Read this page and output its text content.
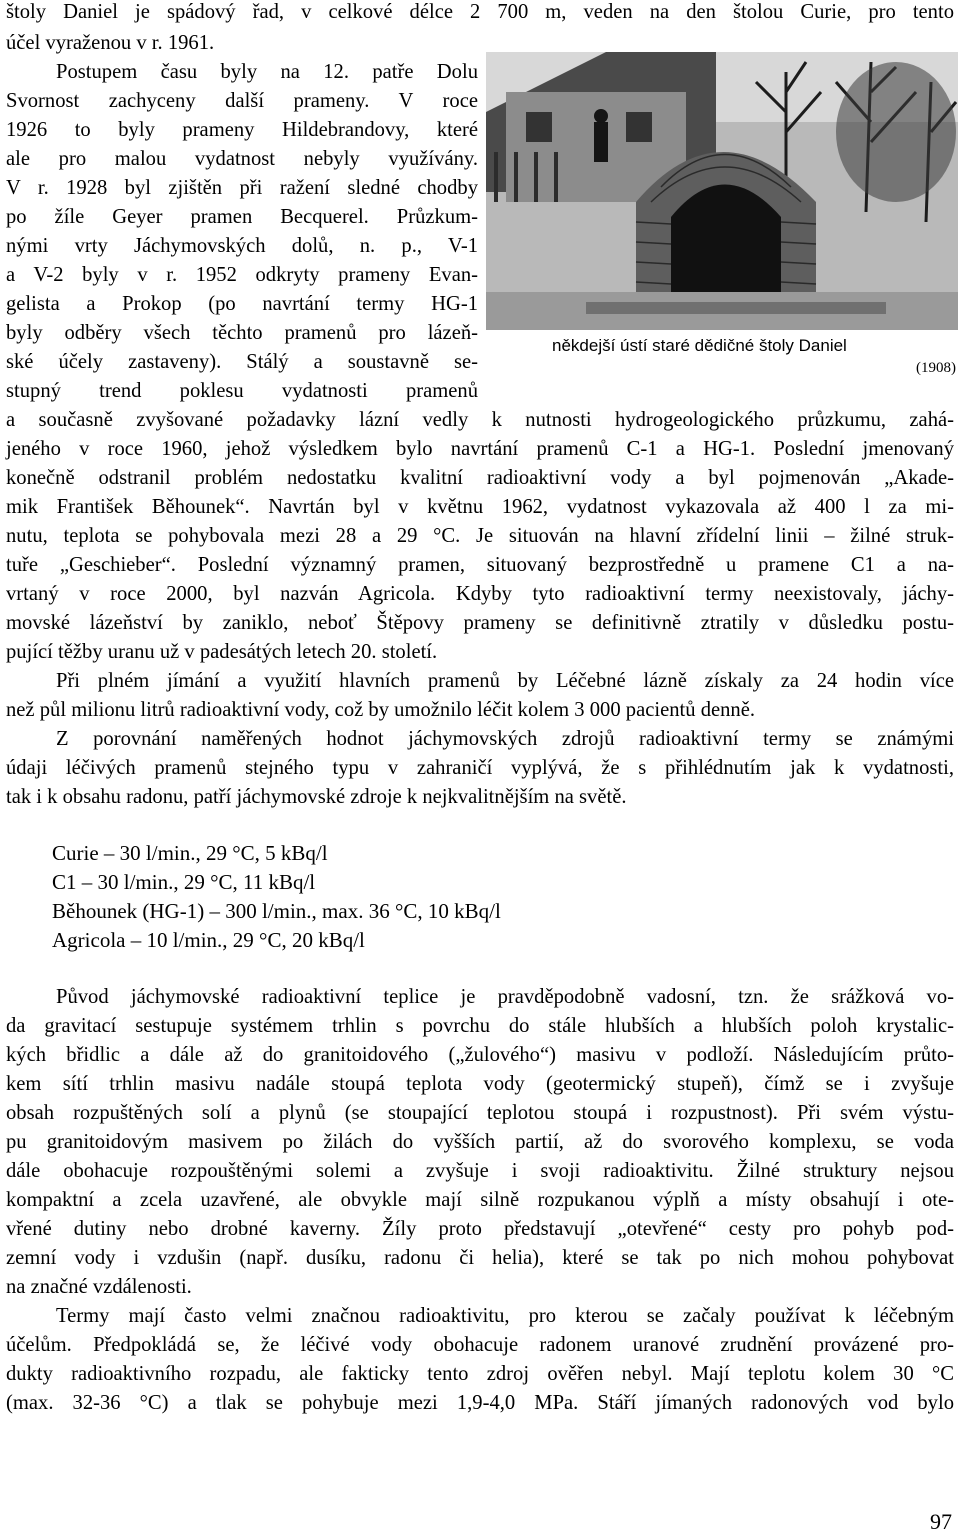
štoly Daniel je spádový řad, v celkové délce 2 700 m, veden na den štolou Curie, pro tento
účel vyraženou v r. 1961.
Postupem času byly na 12. patře Dolu
Svornost zachyceny další prameny. V roce
1926 to byly prameny Hildebrandovy, které
ale pro malou vydatnost nebyly využívány.
V r. 1928 byl zjištěn při ražení sledné chodby
po žíle Geyer pramen Becquerel. Průzkum-
nými vrty Jáchymovských dolů, n. p., V-1
a V-2 byly v r. 1952 odkryty prameny Evan-
gelista a Prokop (po navrtání termy HG-1
byly odběry všech těchto pramenů pro lázeň-
ské účely zastaveny). Stálý a soustavně se-
stupný trend poklesu vydatnosti pramenů
někdejší ústí staré dědičné štoly Daniel
(1908)
a současně zvyšované požadavky lázní vedly k nutnosti hydrogeologického průzkumu, zahá-
jeného v roce 1960, jehož výsledkem bylo navrtání pramenů C-1 a HG-1. Poslední jmenovaný
konečně odstranil problém nedostatku kvalitní radioaktivní vody a byl pojmenován „Akade-
mik František Běhounek“. Navrtán byl v květnu 1962, vydatnost vykazovala až 400 l za mi-
nutu, teplota se pohybovala mezi 28 a 29 °C. Je situován na hlavní zřídelní linii – žilné struk-
tuře „Geschieber“. Poslední významný pramen, situovaný bezprostředně u pramene C1 a na-
vrtaný v roce 2000, byl nazván Agricola. Kdyby tyto radioaktivní termy neexistovaly, jáchy-
movské lázeňství by zaniklo, neboť Štěpovy prameny se definitivně ztratily v důsledku postu-
pující těžby uranu už v padesátých letech 20. století.
Při plném jímání a využití hlavních pramenů by Léčebné lázně získaly za 24 hodin více
než půl milionu litrů radioaktivní vody, což by umožnilo léčit kolem 3 000 pacientů denně.
Z porovnání naměřených hodnot jáchymovských zdrojů radioaktivní termy se známými
údaji léčivých pramenů stejného typu v zahraničí vyplývá, že s přihlédnutím jak k vydatnosti,
tak i k obsahu radonu, patří jáchymovské zdroje k nejkvalitnějším na světě.
Curie – 30 l/min., 29 °C, 5 kBq/l
C1 – 30 l/min., 29 °C, 11 kBq/l
Běhounek (HG-1) – 300 l/min., max. 36 °C, 10 kBq/l
Agricola – 10 l/min., 29 °C, 20 kBq/l
Původ jáchymovské radioaktivní teplice je pravděpodobně vadosní, tzn. že srážková vo-
da gravitací sestupuje systémem trhlin s povrchu do stále hlubších a hlubších poloh krystalic-
kých břidlic a dále až do granitoidového („žulového“) masivu v podloží. Následujícím průto-
kem sítí trhlin masivu nadále stoupá teplota vody (geotermický stupeň), čímž se i zvyšuje
obsah rozpuštěných solí a plynů (se stoupající teplotou stoupá i rozpustnost). Při svém výstu-
pu granitoidovým masivem po žilách do vyšších partií, až do svorového komplexu, se voda
dále obohacuje rozpouštěnými solemi a zvyšuje i svoji radioaktivitu. Žilné struktury nejsou
kompaktní a zcela uzavřené, ale obvykle mají silně rozpukanou výplň a místy obsahují i ote-
vřené dutiny nebo drobné kaverny. Žíly proto představují „otevřené“ cesty pro pohyb pod-
zemní vody i vzdušin (např. dusíku, radonu či helia), které se tak po nich mohou pohybovat
na značné vzdálenosti.
Termy mají často velmi značnou radioaktivitu, pro kterou se začaly používat k léčebným
účelům. Předpokládá se, že léčivé vody obohacuje radonem uranové zrudnění provázené pro-
dukty radioaktivního rozpadu, ale fakticky tento zdroj ověřen nebyl. Mají teplotu kolem 30 °C
(max. 32-36 °C) a tlak se pohybuje mezi 1,9-4,0 MPa. Stáří jímaných radonových vod bylo
97
